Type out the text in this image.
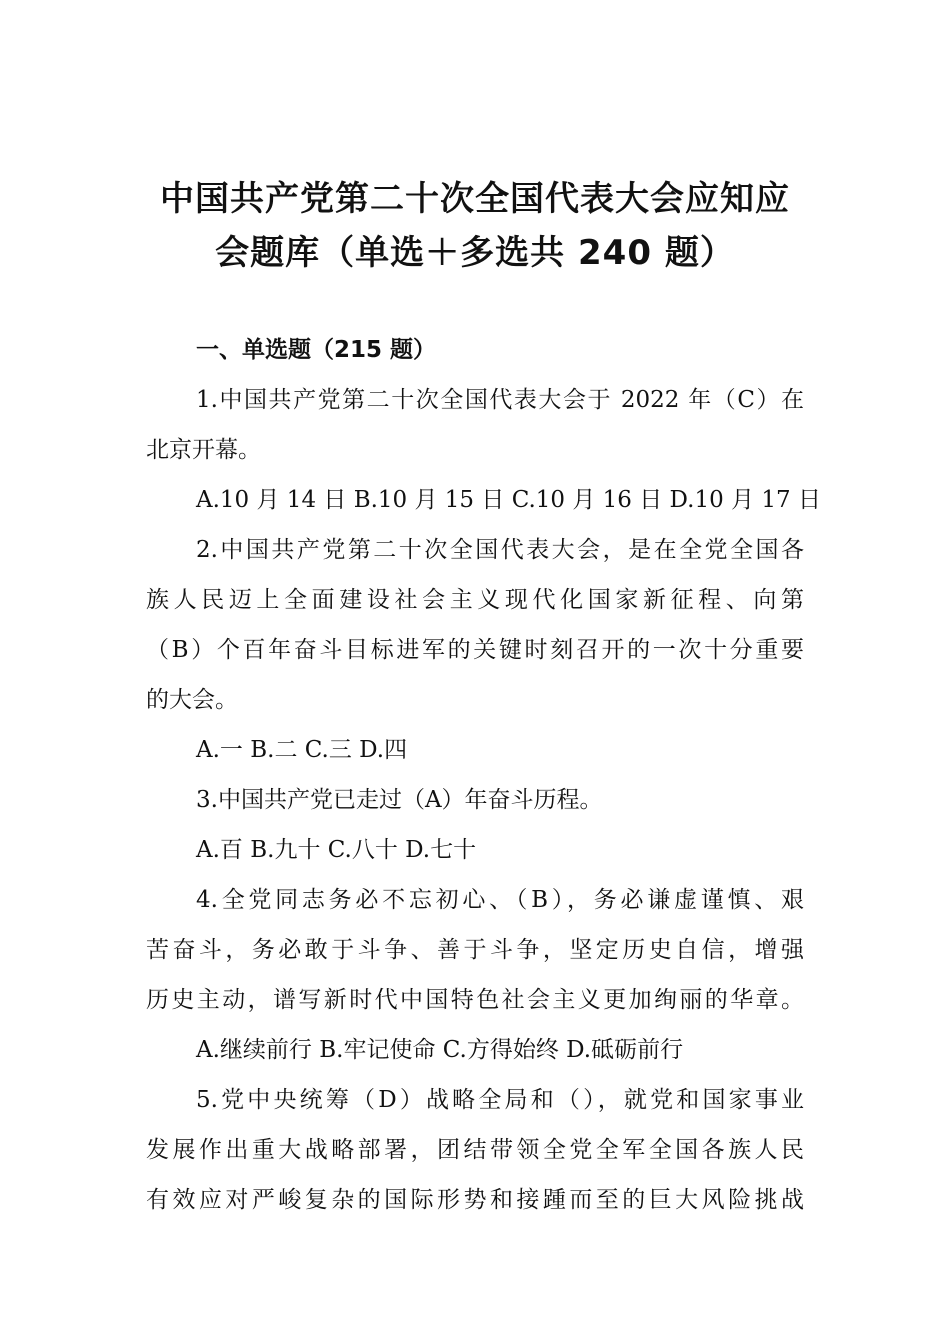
中国共产党第二十次全国代表大会应知应
会题库（单选＋多选共 240 题）
一、单选题（215 题）
1.中国共产党第二十次全国代表大会于 2022 年（C）在
北京开幕。
A.10 月 14 日 B.10 月 15 日 C.10 月 16 日 D.10 月 17 日
2.中国共产党第二十次全国代表大会，是在全党全国各
族人民迈上全面建设社会主义现代化国家新征程、向第
（B）个百年奋斗目标进军的关键时刻召开的一次十分重要
的大会。
A.一 B.二 C.三 D.四
3.中国共产党已走过（A）年奋斗历程。
A.百 B.九十 C.八十 D.七十
4.全党同志务必不忘初心、（B），务必谦虚谨慎、艰
苦奋斗，务必敢于斗争、善于斗争，坚定历史自信，增强
历史主动，谱写新时代中国特色社会主义更加绚丽的华章。
A.继续前行 B.牢记使命 C.方得始终 D.砥砺前行
5.党中央统筹（D）战略全局和（），就党和国家事业
发展作出重大战略部署，团结带领全党全军全国各族人民
有效应对严峻复杂的国际形势和接踵而至的巨大风险挑战
